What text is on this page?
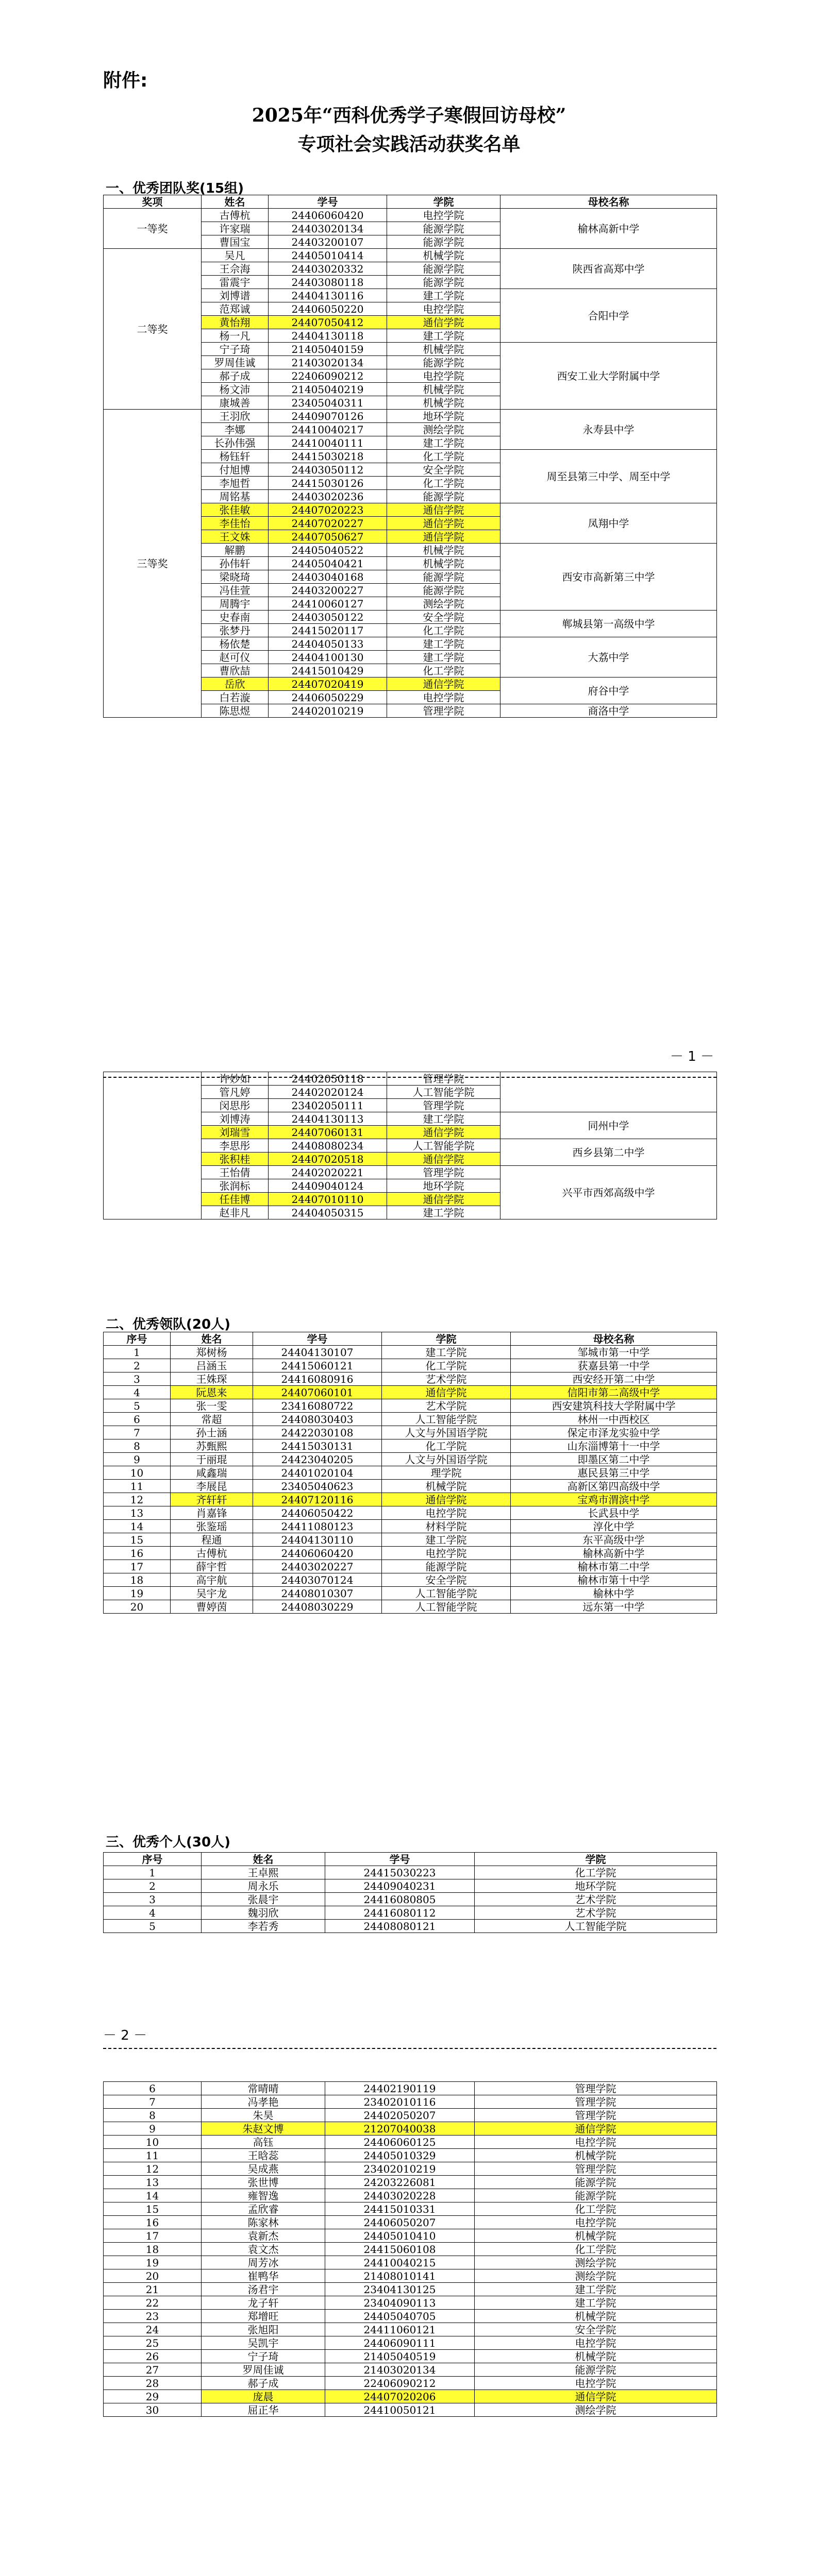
附件:
2025年“西科优秀学子寒假回访母校”
专项社会实践活动获奖名单
一、优秀团队奖(15组)
奖项	姓名	学号	学院	母校名称
一等奖	古傅杭	24406060420	电控学院	榆林高新中学
	许家瑞	24403020134	能源学院	
	曹国宝	24403200107	能源学院	
二等奖	吴凡	24405010414	机械学院	陕西省高郑中学
	王佘海	24403020332	能源学院	
	雷震宇	24403080118	能源学院	
	刘博谱	24404130116	建工学院	合阳中学
	范郑诚	24406050220	电控学院	
	黄怡翔	24407050412	通信学院	
	杨一凡	24404130118	建工学院	
	宁子琦	21405040159	机械学院	西安工业大学附属中学
	罗周佳诚	21403020134	能源学院	
	郝子成	22406090212	电控学院	
	杨文沛	21405040219	机械学院	
	康城善	23405040311	机械学院	
三等奖	王羽欣	24409070126	地环学院	永寿县中学
	李娜	24410040217	测绘学院	
	长孙伟强	24410040111	建工学院	
	杨钰轩	24415030218	化工学院	周至县第三中学、周至中学
	付旭博	24403050112	安全学院	
	李旭哲	24415030126	化工学院	
	周铭基	24403020236	能源学院	
	张佳敏	24407020223	通信学院	凤翔中学
	李佳怡	24407020227	通信学院	
	王文姝	24407050627	通信学院	
	解鹏	24405040522	机械学院	西安市高新第三中学
	孙伟轩	24405040421	机械学院	
	梁晓琦	24403040168	能源学院	
	冯佳萱	24403200227	能源学院	
	周腾宇	24410060127	测绘学院	
	史春南	24403050122	安全学院	郸城县第一高级中学
	张梦丹	24415020117	化工学院	
	杨依楚	24404050133	建工学院	大荔中学
	赵可仪	24404100130	建工学院	
	曹欣喆	24415010429	化工学院	
	岳欣	24407020419	通信学院	府谷中学
	白若漩	24406050229	电控学院	
	陈思煜	24402010219	管理学院	商洛中学
－ 1 －
	许妙如	24402050118	管理学院	
	管凡婷	24402020124	人工智能学院	
	闵思彤	23402050111	管理学院	
	刘博涛	24404130113	建工学院	同州中学
	刘瑞雪	24407060131	通信学院	
	李思彤	24408080234	人工智能学院	西乡县第二中学
	张积桂	24407020518	通信学院	
	王怡倩	24402020221	管理学院	兴平市西郊高级中学
	张润标	24409040124	地环学院	
	任佳博	24407010110	通信学院	
	赵非凡	24404050315	建工学院	
二、优秀领队(20人)
序号	姓名	学号	学院	母校名称
1	郑树杨	24404130107	建工学院	邹城市第一中学
2	吕涵玉	24415060121	化工学院	获嘉县第一中学
3	王姝琛	24416080916	艺术学院	西安经开第二中学
4	阮恩来	24407060101	通信学院	信阳市第二高级中学
5	张一雯	23416080722	艺术学院	西安建筑科技大学附属中学
6	常超	24408030403	人工智能学院	林州一中西校区
7	孙士涵	24422030108	人文与外国语学院	保定市泽龙实验中学
8	苏甄熙	24415030131	化工学院	山东淄博第十一中学
9	于丽琨	24423040205	人文与外国语学院	即墨区第二中学
10	咸鑫瑞	24401020104	理学院	惠民县第三中学
11	李展昆	23405040623	机械学院	高新区第四高级中学
12	齐轩轩	24407120116	通信学院	宝鸡市渭滨中学
13	肖嘉锋	24406050422	电控学院	长武县中学
14	张鉴瑶	24411080123	材料学院	淳化中学
15	程通	24404130110	建工学院	东平高级中学
16	古傅杭	24406060420	电控学院	榆林高新中学
17	薛宇哲	24403020227	能源学院	榆林市第二中学
18	高宇航	24403070124	安全学院	榆林市第十中学
19	吴宇龙	24408010307	人工智能学院	榆林中学
20	曹婷茵	24408030229	人工智能学院	远东第一中学
三、优秀个人(30人)
序号	姓名	学号	学院
1	王卓熙	24415030223	化工学院
2	周永乐	24409040231	地环学院
3	张晨宇	24416080805	艺术学院
4	魏羽欣	24416080112	艺术学院
5	李若秀	24408080121	人工智能学院
－ 2 －
6	常晴晴	24402190119	管理学院
7	冯孝艳	23402010116	管理学院
8	朱昊	24402050207	管理学院
9	朱赵文博	21207040038	通信学院
10	高钰	24406060125	电控学院
11	王晗蕊	24405010329	机械学院
12	吴成燕	23402010219	管理学院
13	张世博	24203226081	能源学院
14	雍智逸	24403020228	能源学院
15	孟欣睿	24415010331	化工学院
16	陈家林	24406050207	电控学院
17	袁新杰	24405010410	机械学院
18	袁文杰	24415060108	化工学院
19	周芳冰	24410040215	测绘学院
20	崔鸭华	21408010141	测绘学院
21	汤君宇	23404130125	建工学院
22	龙子轩	23404090113	建工学院
23	郑增旺	24405040705	机械学院
24	张旭阳	24411060121	安全学院
25	吴凯宇	24406090111	电控学院
26	宁子琦	21405040519	机械学院
27	罗周佳诚	21403020134	能源学院
28	郝子成	22406090212	电控学院
29	庞晨	24407020206	通信学院
30	屈正华	24410050121	测绘学院
